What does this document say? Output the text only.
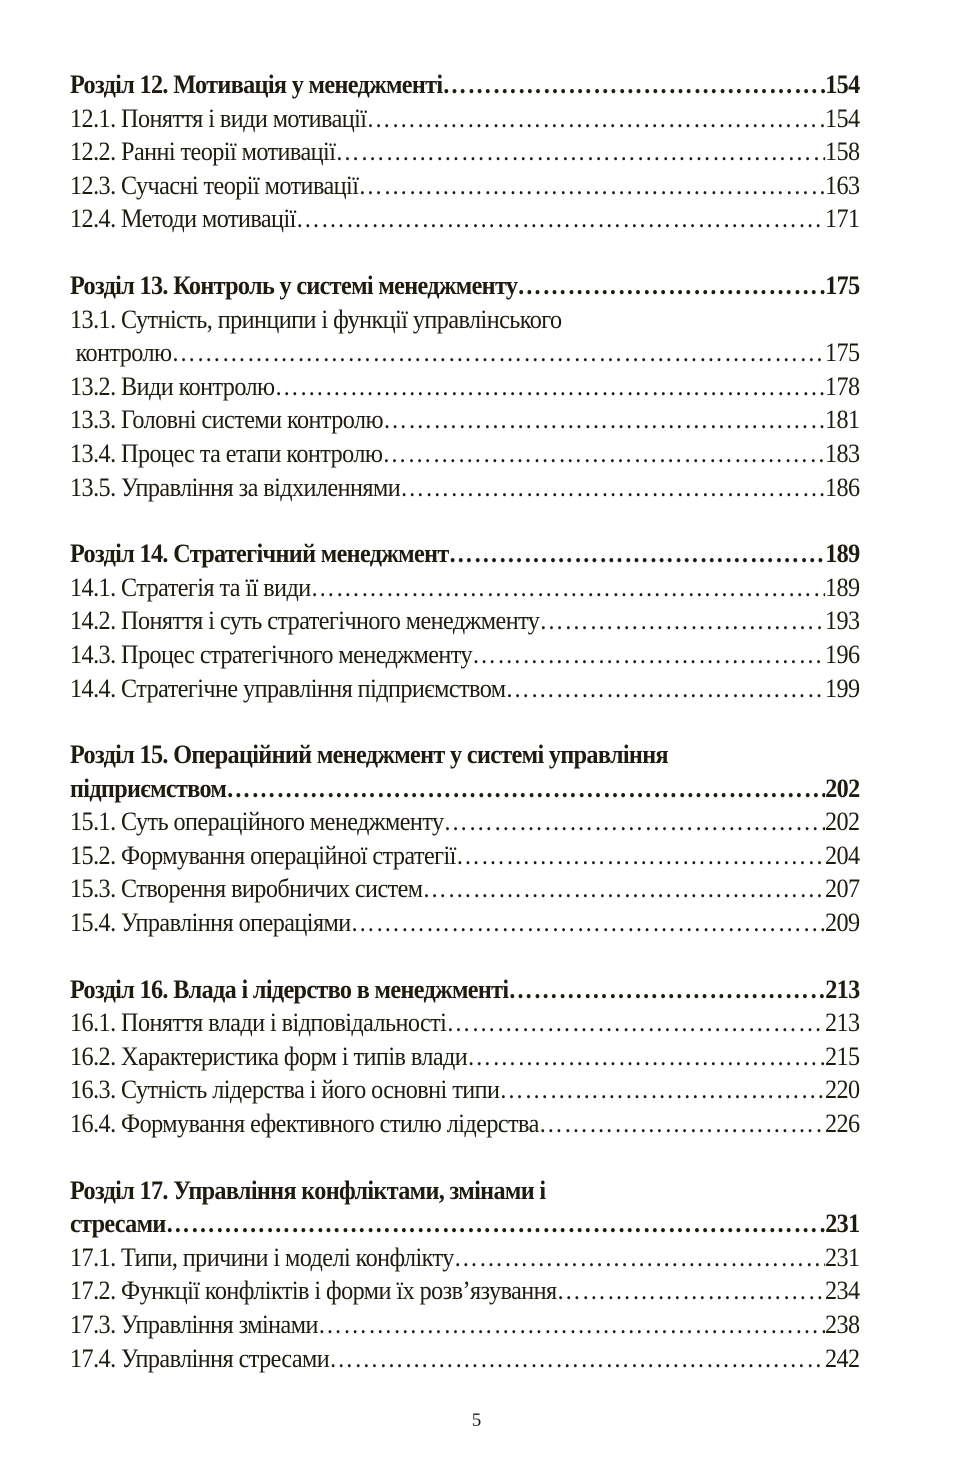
Розділ 12. Мотивація у менеджменті ……………………………………………………………………………………………………………………………	154
12.1. Поняття і види мотивації ……………………………………………………………………………………………………………………………	154
12.2. Ранні теорії мотивації ……………………………………………………………………………………………………………………………	158
12.3. Сучасні теорії мотивації ……………………………………………………………………………………………………………………………	163
12.4. Методи мотивації ……………………………………………………………………………………………………………………………	171
Розділ 13. Контроль у системі менеджменту ……………………………………………………………………………………………………………………………	175
13.1. Сутність, принципи і функції управлінського
контролю ……………………………………………………………………………………………………………………………	175
13.2. Види контролю ……………………………………………………………………………………………………………………………	178
13.3. Головні системи контролю ……………………………………………………………………………………………………………………………	181
13.4. Процес та етапи контролю ……………………………………………………………………………………………………………………………	183
13.5. Управління за відхиленнями ……………………………………………………………………………………………………………………………	186
Розділ 14. Стратегічний менеджмент ……………………………………………………………………………………………………………………………	189
14.1. Стратегія та її види ……………………………………………………………………………………………………………………………	189
14.2. Поняття і суть стратегічного менеджменту ……………………………………………………………………………………………………………………………	193
14.3. Процес стратегічного менеджменту ……………………………………………………………………………………………………………………………	196
14.4. Стратегічне управління підприємством ……………………………………………………………………………………………………………………………	199
Розділ 15. Операційний менеджмент у системі управління
підприємством ……………………………………………………………………………………………………………………………	202
15.1. Суть операційного менеджменту ……………………………………………………………………………………………………………………………	202
15.2. Формування операційної стратегії ……………………………………………………………………………………………………………………………	204
15.3. Створення виробничих систем ……………………………………………………………………………………………………………………………	207
15.4. Управління операціями ……………………………………………………………………………………………………………………………	209
Розділ 16. Влада і лідерство в менеджменті ……………………………………………………………………………………………………………………………	213
16.1. Поняття влади і відповідальності ……………………………………………………………………………………………………………………………	213
16.2. Характеристика форм і типів влади ……………………………………………………………………………………………………………………………	215
16.3. Сутність лідерства і його основні типи ……………………………………………………………………………………………………………………………	220
16.4. Формування ефективного стилю лідерства ……………………………………………………………………………………………………………………………	226
Розділ 17. Управління конфліктами, змінами і
стресами ……………………………………………………………………………………………………………………………	231
17.1. Типи, причини і моделі конфлікту ……………………………………………………………………………………………………………………………	231
17.2. Функції конфліктів і форми їх розв’язування ……………………………………………………………………………………………………………………………	234
17.3. Управління змінами ……………………………………………………………………………………………………………………………	238
17.4. Управління стресами ……………………………………………………………………………………………………………………………	242
5
